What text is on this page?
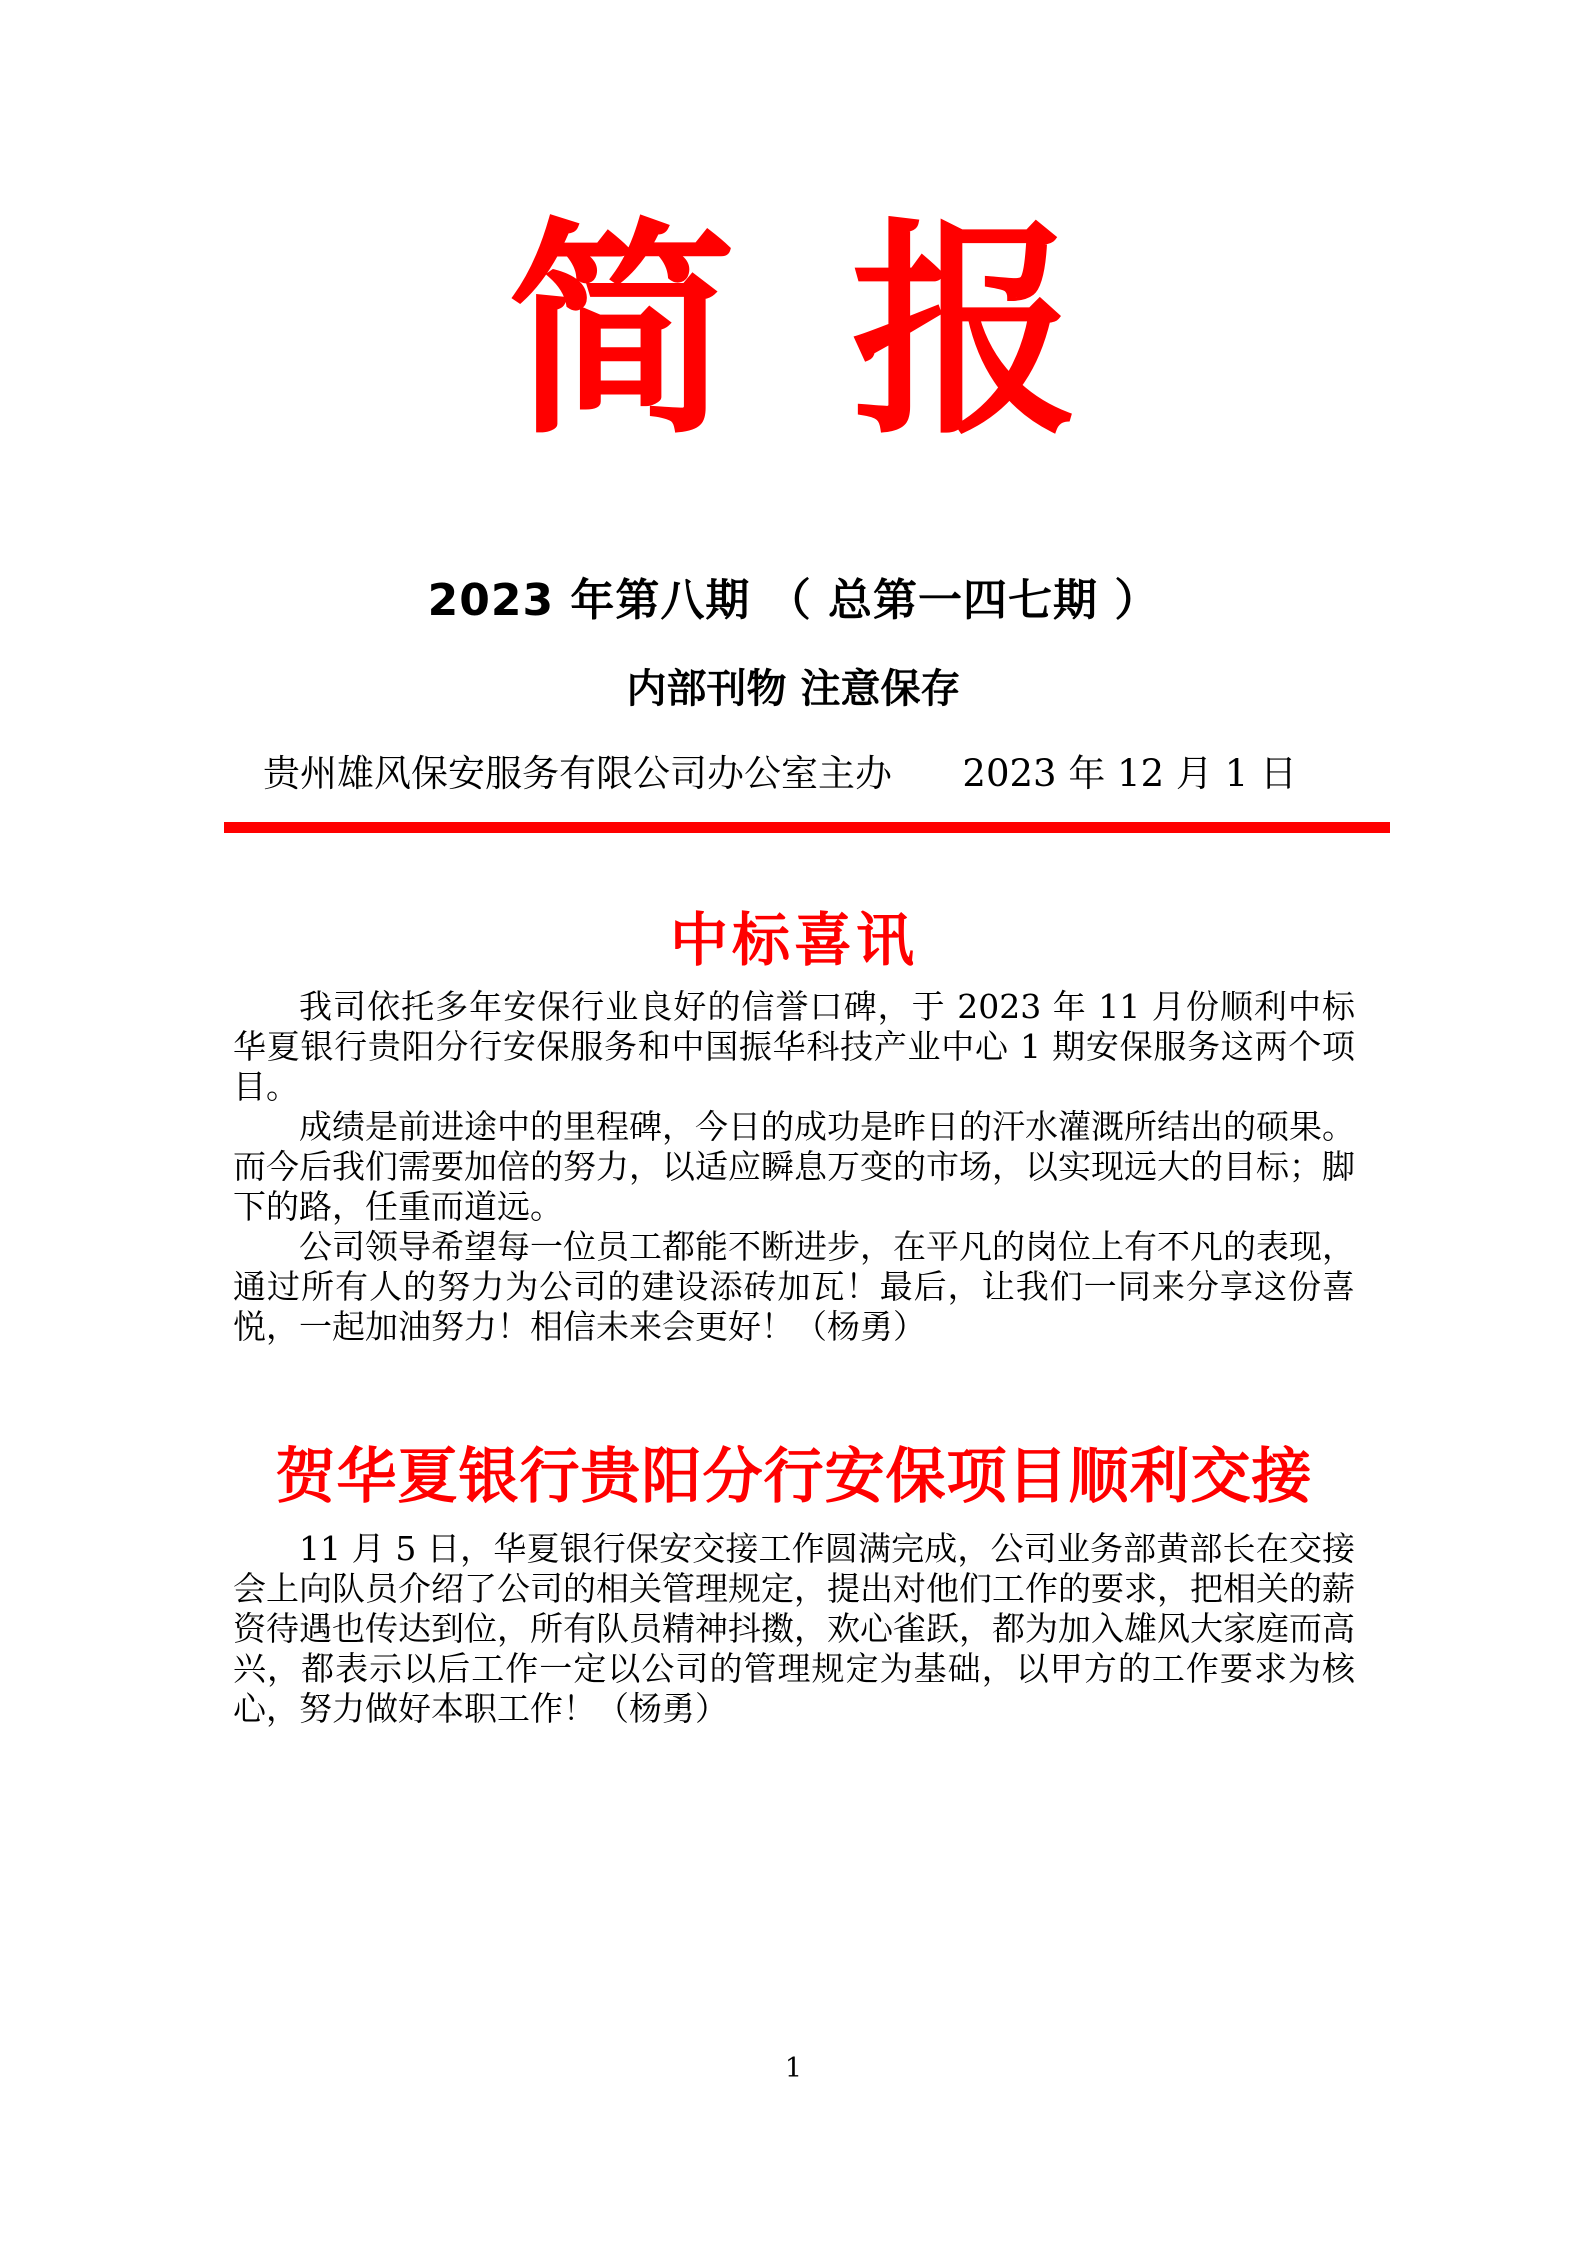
简 报
2023 年第八期 （ 总第一四七期 ）
内部刊物 注意保存
贵州雄风保安服务有限公司办公室主办 2023 年 12 月 1 日
中标喜讯

我司依托多年安保行业良好的信誉口碑，于 2023 年 11 月份顺利中标华夏银行贵阳分行安保服务和中国振华科技产业中心 1 期安保服务这两个项目。

成绩是前进途中的里程碑，今日的成功是昨日的汗水灌溉所结出的硕果。而今后我们需要加倍的努力，以适应瞬息万变的市场，以实现远大的目标；脚下的路，任重而道远。

公司领导希望每一位员工都能不断进步，在平凡的岗位上有不凡的表现，通过所有人的努力为公司的建设添砖加瓦！最后，让我们一同来分享这份喜悦，一起加油努力！相信未来会更好！（杨勇）

贺华夏银行贵阳分行安保项目顺利交接

11 月 5 日，华夏银行保安交接工作圆满完成，公司业务部黄部长在交接会上向队员介绍了公司的相关管理规定，提出对他们工作的要求，把相关的薪资待遇也传达到位，所有队员精神抖擞，欢心雀跃，都为加入雄风大家庭而高兴，都表示以后工作一定以公司的管理规定为基础，以甲方的工作要求为核心，努力做好本职工作！（杨勇）

1
